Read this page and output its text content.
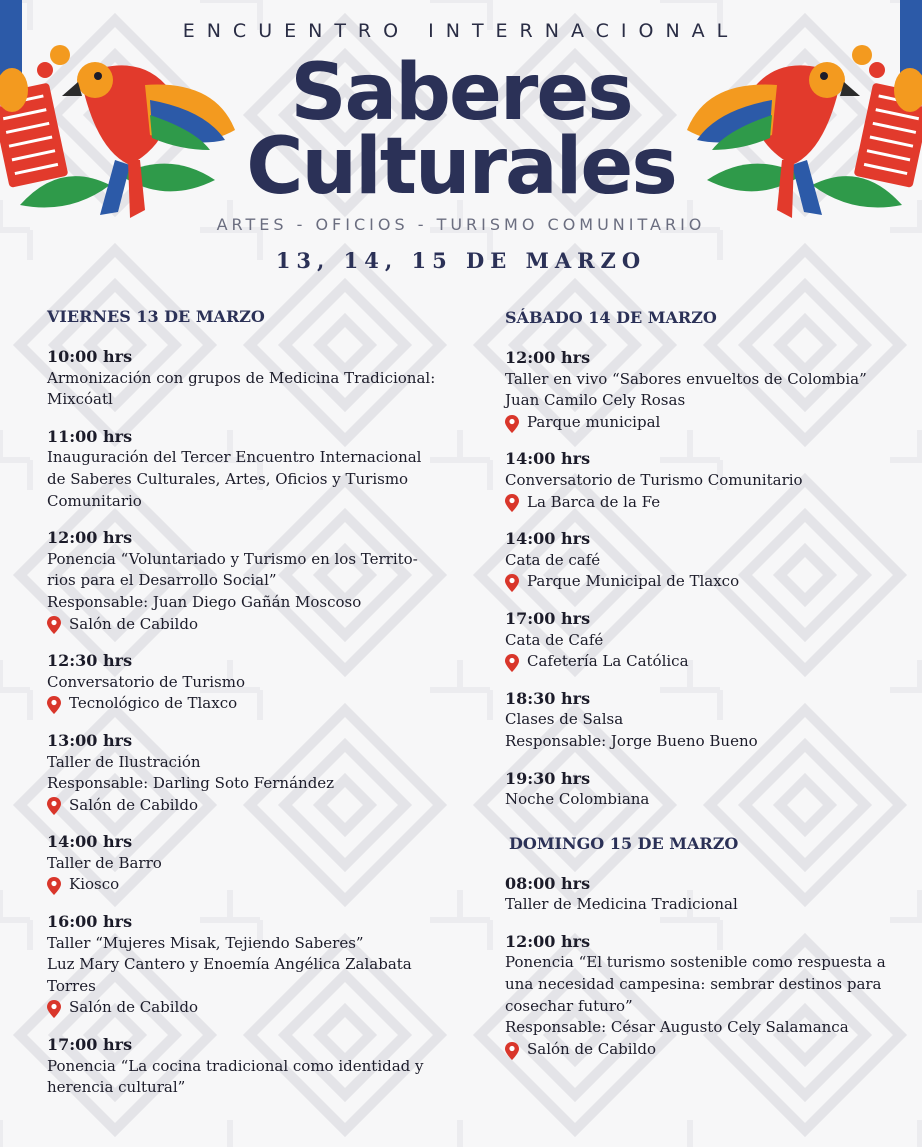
ENCUENTRO INTERNACIONAL
Saberes
Culturales
ARTES - OFICIOS - TURISMO COMUNITARIO
13, 14, 15 DE MARZO
VIERNES 13 DE MARZO
10:00 hrs
Armonización con grupos de Medicina Tradicional:
Mixcóatl
11:00 hrs
Inauguración del Tercer Encuentro Internacional
de Saberes Culturales, Artes, Oficios y Turismo
Comunitario
12:00 hrs
Ponencia “Voluntariado y Turismo en los Territo-
rios para el Desarrollo Social”
Responsable: Juan Diego Gañán Moscoso
Salón de Cabildo
12:30 hrs
Conversatorio de Turismo
Tecnológico de Tlaxco
13:00 hrs
Taller de Ilustración
Responsable: Darling Soto Fernández
Salón de Cabildo
14:00 hrs
Taller de Barro
Kiosco
16:00 hrs
Taller “Mujeres Misak, Tejiendo Saberes”
Luz Mary Cantero y Enoemía Angélica Zalabata
Torres
Salón de Cabildo
17:00 hrs
Ponencia “La cocina tradicional como identidad y
herencia cultural”
SÁBADO 14 DE MARZO
12:00 hrs
Taller en vivo “Sabores envueltos de Colombia”
Juan Camilo Cely Rosas
Parque municipal
14:00 hrs
Conversatorio de Turismo Comunitario
La Barca de la Fe
14:00 hrs
Cata de café
Parque Municipal de Tlaxco
17:00 hrs
Cata de Café
Cafetería La Católica
18:30 hrs
Clases de Salsa
Responsable: Jorge Bueno Bueno
19:30 hrs
Noche Colombiana
DOMINGO 15 DE MARZO
08:00 hrs
Taller de Medicina Tradicional
12:00 hrs
Ponencia “El turismo sostenible como respuesta a
una necesidad campesina: sembrar destinos para
cosechar futuro”
Responsable: César Augusto Cely Salamanca
Salón de Cabildo
